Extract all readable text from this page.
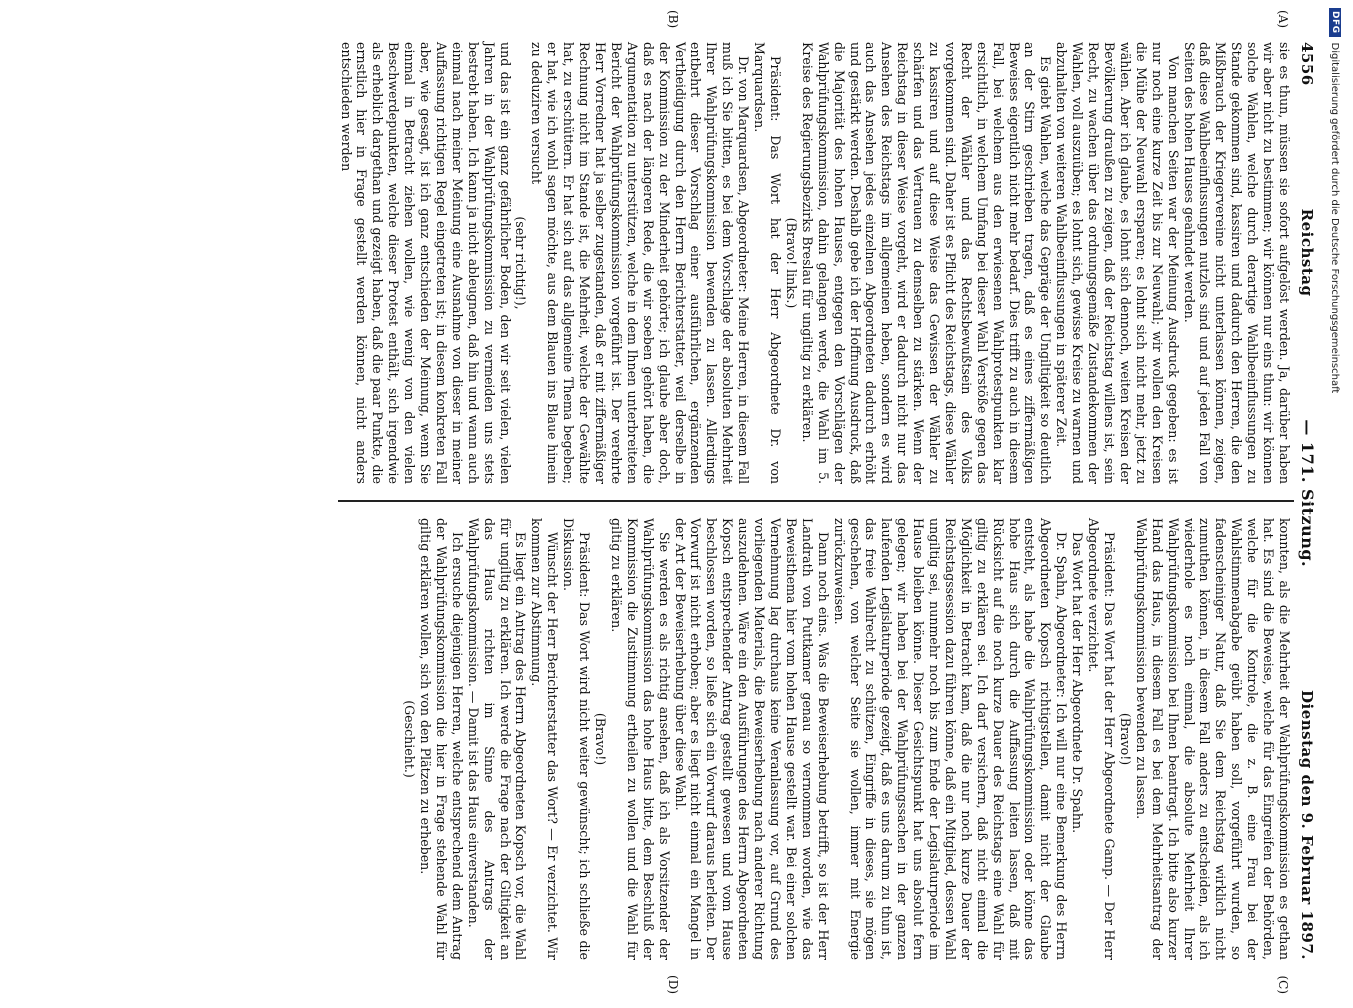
4556
Reichstag
— 171. Sitzung.
Dienstag den 9. Februar 1897.
(A)
(B)

sie es thun, müssen sie sofort aufgelöst werden. Ja, darüber haben wir aber nicht zu bestimmen; wir können nur eins thun: wir können solche Wahlen, welche durch derartige Wahlbeeinflussungen zu Stande gekommen sind, kassiren und dadurch den Herren, die den Mißbrauch der Kriegervereine nicht unterlassen können, zeigen, daß diese Wahlbeeinflussungen nutzlos sind und auf jeden Fall von Seiten des hohen Hauses geahndet werden.

Von manchen Seiten war der Meinung Ausdruck gegeben: es ist nur noch eine kurze Zeit bis zur Neuwahl; wir wollen den Kreisen die Mühe der Neuwahl ersparen; es lohnt sich nicht mehr, jetzt zu wählen. Aber ich glaube, es lohnt sich dennoch, weiten Kreisen der Bevölkerung draußen zu zeigen, daß der Reichstag willens ist, sein Recht, zu wachen über das ordnungsgemäße Zustandekommen der Wahlen, voll auszuüben; es lohnt sich, gewisse Kreise zu warnen und abzuhalten von weiteren Wahlbeeinflussungen in späterer Zeit.

Es giebt Wahlen, welche das Gepräge der Ungiltigkeit so deutlich an der Stirn geschrieben tragen, daß es eines ziffermäßigen Beweises eigentlich nicht mehr bedarf. Dies trifft zu auch in diesem Fall, bei welchem aus den erwiesenen Wahlprotestpunkten klar ersichtlich, in welchem Umfang bei dieser Wahl Verstöße gegen das Recht der Wähler und das Rechtsbewußtsein des Volks vorgekommen sind. Daher ist es Pflicht des Reichstags, diese Wähler zu kassiren und auf diese Weise das Gewissen der Wähler zu schärfen und das Vertrauen zu demselben zu stärken. Wenn der Reichstag in dieser Weise vorgeht, wird er dadurch nicht nur das Ansehen des Reichstags im allgemeinen heben, sondern es wird auch das Ansehen jedes einzelnen Abgeordneten dadurch erhöht und gestärkt werden. Deshalb gebe ich der Hoffnung Ausdruck, daß die Majorität des hohen Hauses, entgegen den Vorschlägen der Wahlprüfungskommission, dahin gelangen werde, die Wahl im 5. Kreise des Regierungsbezirks Breslau für ungiltig zu erklären.

(Bravo! links.)

Präsident: Das Wort hat der Herr Abgeordnete Dr. von Marquardsen.

Dr. von Marquardsen, Abgeordneter: Meine Herren, in diesem Fall muß ich Sie bitten, es bei dem Vorschlage der absoluten Mehrheit Ihrer Wahlprüfungskommission bewenden zu lassen. Allerdings entbehrt dieser Vorschlag einer ausführlichen, ergänzenden Vertheidigung durch den Herrn Berichterstatter, weil derselbe in der Kommission zu der Minderheit gehörte; ich glaube aber doch, daß es nach der längeren Rede, die wir soeben gehört haben, die Argumentation zu unterstützen, welche in dem Ihnen unterbreiteten Bericht der Wahlprüfungskommission vorgeführt ist. Der verehrte Herr Vorredner hat ja selber zugestanden, daß er mit ziffermäßiger Rechnung nicht im Stande ist, die Mehrheit, welche der Gewählte hat, zu erschüttern. Er hat sich auf das allgemeine Thema begeben; er hat, wie ich wohl sagen möchte, aus dem Blauen ins Blaue hinein zu deduziren versucht

(sehr richtig!),

und das ist ein ganz gefährlicher Boden, den wir seit vielen, vielen Jahren in der Wahlprüfungskommission zu vermeiden uns stets bestrebt haben. Ich kann ja nicht ableugnen, daß hin und wann auch einmal nach meiner Meinung eine Ausnahme von dieser in meiner Auffassung richtigen Regel eingetreten ist; in diesem konkreten Fall aber, wie gesagt, ist ich ganz entschieden der Meinung, wenn Sie einmal in Betracht ziehen wollen, wie wenig von den vielen Beschwerdepunkten, welche dieser Protest enthält, sich irgendwie als erheblich dargethan und gezeigt haben, daß die paar Punkte, die ernstlich hier in Frage gestellt werden können, nicht anders entschieden werden

(C)
(D)

konnten, als die Mehrheit der Wahlprüfungskommission es gethan hat. Es sind die Beweise, welche für das Eingreifen der Behörden, welche für die Kontrole, die z. B. eine Frau bei der Wahlstimmenabgabe geübt haben soll, vorgeführt wurden, so fadenscheiniger Natur, daß Sie dem Reichstag wirklich nicht zumuthen können, in diesem Fall anders zu entscheiden, als ich wiederhole es noch einmal, die absolute Mehrheit Ihrer Wahlprüfungskommission bei Ihnen beantragt. Ich bitte also kurzer Hand das Haus, in diesem Fall es bei dem Mehrheitsantrag der Wahlprüfungskommission bewenden zu lassen.

(Bravo!)

Präsident: Das Wort hat der Herr Abgeordnete Gamp. — Der Herr Abgeordnete verzichtet.

Das Wort hat der Herr Abgeordnete Dr. Spahn.

Dr. Spahn, Abgeordneter: Ich will nur eine Bemerkung des Herrn Abgeordneten Kopsch richtigstellen, damit nicht der Glaube entsteht, als habe die Wahlprüfungskommission oder könne das hohe Haus sich durch die Auffassung leiten lassen, daß mit Rücksicht auf die noch kurze Dauer des Reichstags eine Wahl für giltig zu erklären sei. Ich darf versichern, daß nicht einmal die Möglichkeit in Betracht kam, daß die nur noch kurze Dauer der Reichstagssession dazu führen könne, daß ein Mitglied, dessen Wahl ungiltig sei, nunmehr noch bis zum Ende der Legislaturperiode im Hause bleiben könne. Dieser Gesichtspunkt hat uns absolut fern gelegen; wir haben bei der Wahlprüfungssachen in der ganzen laufenden Legislaturperiode gezeigt, daß es uns darum zu thun ist, das freie Wahlrecht zu schützen, Eingriffe in dieses, sie mögen geschehen, von welcher Seite sie wollen, immer mit Energie zurückzuweisen.

Dann noch eins. Was die Beweiserhebung betrifft, so ist der Herr Landrath von Puttkamer genau so vernommen worden, wie das Beweisthema hier vom hohen Hause gestellt war. Bei einer solchen Vernehmung lag durchaus keine Veranlassung vor, auf Grund des vorliegenden Materials, die Beweiserhebung nach anderer Richtung auszudehnen. Wäre ein den Ausführungen des Herrn Abgeordneten Kopsch entsprechender Antrag gestellt gewesen und vom Hause beschlossen worden, so ließe sich ein Vorwurf daraus herleiten. Der Vorwurf ist nicht erhoben; aber es liegt nicht einmal ein Mangel in der Art der Beweiserhebung über diese Wahl.

Sie werden es als richtig ansehen, daß ich als Vorsitzender der Wahlprüfungskommission das hohe Haus bitte, dem Beschluß der Kommission die Zustimmung ertheilen zu wollen und die Wahl für giltig zu erklären.

(Bravo!)

Präsident: Das Wort wird nicht weiter gewünscht; ich schließe die Diskussion.

Wünscht der Herr Berichterstatter das Wort? — Er verzichtet. Wir kommen zur Abstimmung.

Es liegt ein Antrag des Herrn Abgeordneten Kopsch vor, die Wahl für ungiltig zu erklären. Ich werde die Frage nach der Giltigkeit an das Haus richten im Sinne des Antrags der Wahlprüfungskommission. — Damit ist das Haus einverstanden.

Ich ersuche diejenigen Herren, welche entsprechend dem Antrag der Wahlprüfungskommission die hier in Frage stehende Wahl für giltig erklären wollen, sich von den Plätzen zu erheben.

(Geschieht.)

DFG
Digitalisierung gefördert durch die Deutsche Forschungsgemeinschaft
